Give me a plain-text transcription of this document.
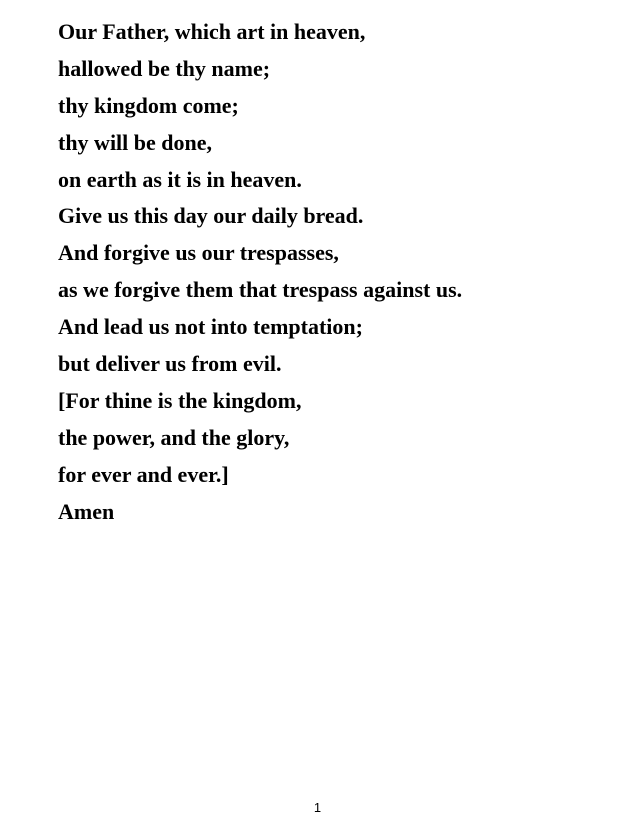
Our Father, which art in heaven,
hallowed be thy name;
thy kingdom come;
thy will be done,
on earth as it is in heaven.
Give us this day our daily bread.
And forgive us our trespasses,
as we forgive them that trespass against us.
And lead us not into temptation;
but deliver us from evil.
[For thine is the kingdom,
the power, and the glory,
for ever and ever.]
Amen
1
